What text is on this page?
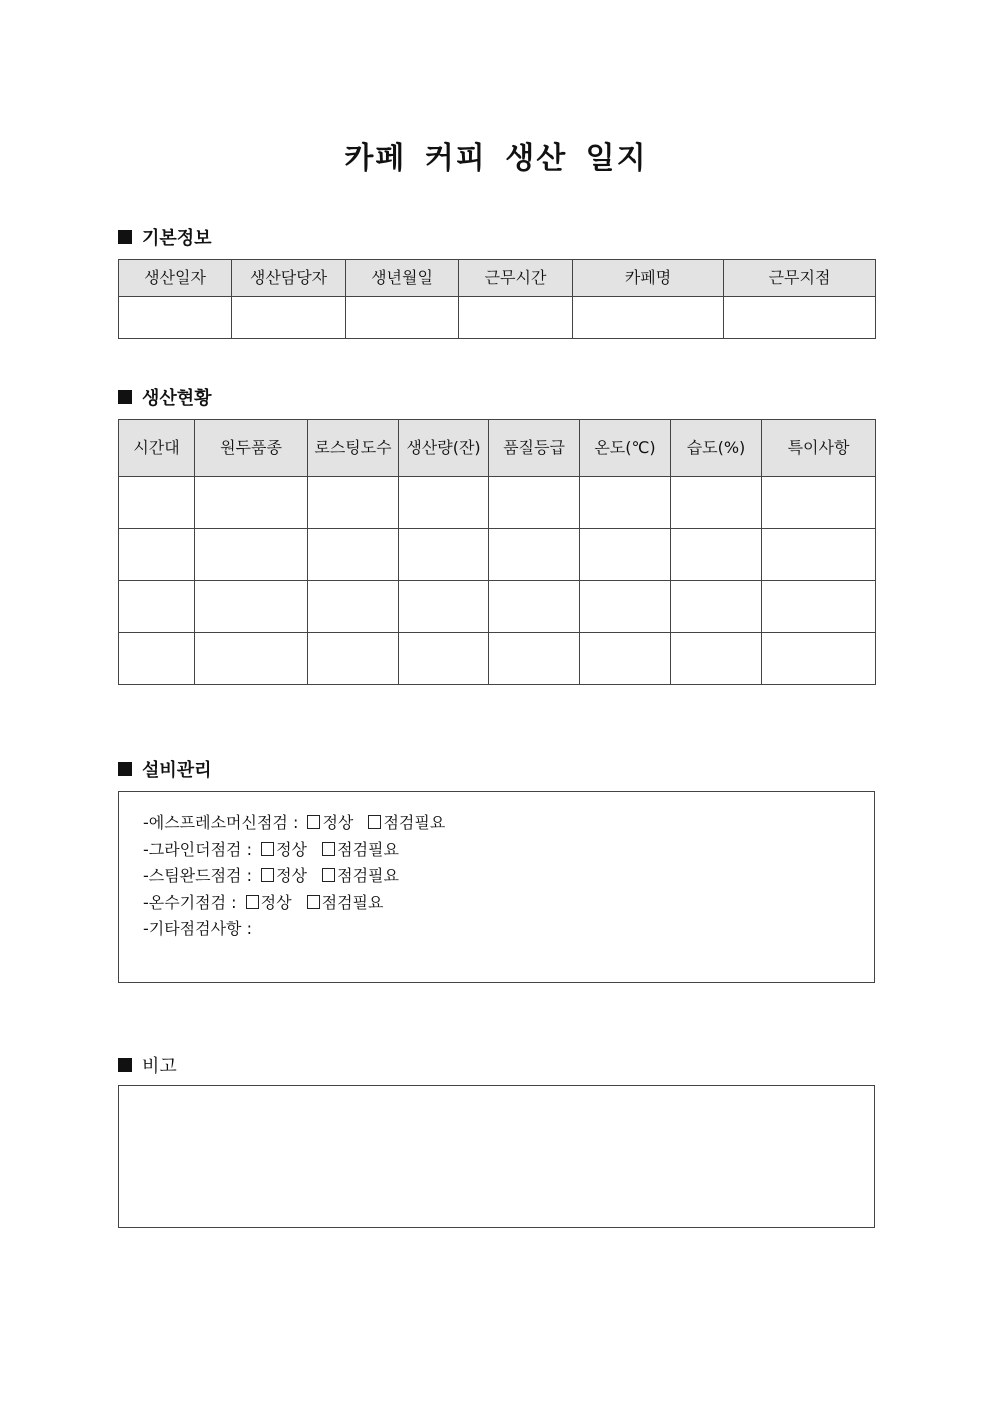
카페 커피 생산 일지
기본정보
생산일자	생산담당자	생년월일	근무시간	카페명	근무지점

생산현황
시간대	원두품종	로스팅도수	생산량(잔)	품질등급	온도(℃)	습도(%)	특이사항

설비관리
-에스프레소머신점검 : 정상 점검필요
-그라인더점검 : 정상 점검필요
-스팀완드점검 : 정상 점검필요
-온수기점검 : 정상 점검필요
-기타점검사항 :
비고
